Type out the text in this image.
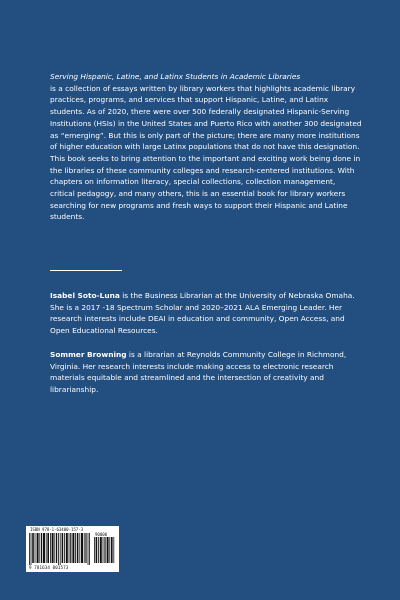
Serving Hispanic, Latine, and Latinx Students in Academic Libraries
is a collection of essays written by library workers that highlights academic library practices, programs, and services that support Hispanic, Latine, and Latinx students. As of 2020, there were over 500 federally designated Hispanic-Serving Institutions (HSIs) in the United States and Puerto Rico with another 300 designated as “emerging”. But this is only part of the picture; there are many more institutions of higher education with large Latinx populations that do not have this designation. This book seeks to bring attention to the important and exciting work being done in the libraries of these community colleges and research-centered institutions. With chapters on information literacy, special collections, collection management, critical pedagogy, and many others, this is an essential book for library workers searching for new programs and fresh ways to support their Hispanic and Latine students.

Isabel Soto-Luna is the Business Librarian at the University of Nebraska Omaha. She is a 2017 -18 Spectrum Scholar and 2020–2021 ALA Emerging Leader. Her research interests include DEAI in education and community, Open Access, and Open Educational Resources.

Sommer Browning is a librarian at Reynolds Community College in Richmond, Virginia. Her research interests include making access to electronic research materials equitable and streamlined and the intersection of creativity and librarianship.

ISBN 978-1-63400-157-3
90000
9 781634 001573
